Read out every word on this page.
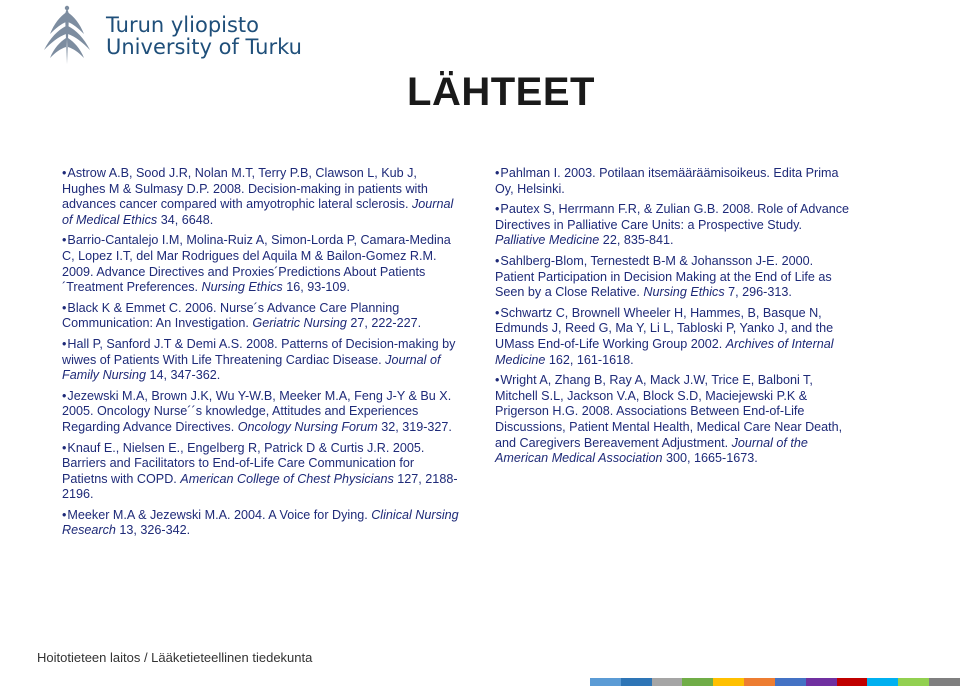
Turun yliopisto
University of Turku
LÄHTEET

•Astrow A.B, Sood J.R, Nolan M.T, Terry P.B, Clawson L, Kub J, Hughes M & Sulmasy D.P. 2008. Decision-making in patients with advances cancer compared with amyotrophic lateral sclerosis. Journal of Medical Ethics 34, 6648.

•Barrio-Cantalejo I.M, Molina-Ruiz A, Simon-Lorda P, Camara-Medina C, Lopez I.T, del Mar Rodrigues del Aquila M & Bailon-Gomez R.M. 2009. Advance Directives and Proxies´Predictions About Patients´Treatment Preferences. Nursing Ethics 16, 93-109.

•Black K & Emmet C. 2006. Nurse´s Advance Care Planning Communication: An Investigation. Geriatric Nursing 27, 222-227.

•Hall P, Sanford J.T & Demi A.S. 2008. Patterns of Decision-making by wiwes of Patients With Life Threatening Cardiac Disease. Journal of Family Nursing 14, 347-362.

•Jezewski M.A, Brown J.K, Wu Y-W.B, Meeker M.A, Feng J-Y & Bu X. 2005. Oncology Nurse´´s knowledge, Attitudes and Experiences Regarding Advance Directives. Oncology Nursing Forum 32, 319-327.

•Knauf E., Nielsen E., Engelberg R, Patrick D & Curtis J.R. 2005. Barriers and Facilitators to End-of-Life Care Communication for Patietns with COPD. American College of Chest Physicians 127, 2188-2196.

•Meeker M.A & Jezewski M.A. 2004. A Voice for Dying. Clinical Nursing Research 13, 326-342.

•Pahlman I. 2003. Potilaan itsemääräämisoikeus. Edita Prima Oy, Helsinki.

•Pautex S, Herrmann F.R, & Zulian G.B. 2008. Role of Advance Directives in Palliative Care Units: a Prospective Study. Palliative Medicine 22, 835-841.

•Sahlberg-Blom, Ternestedt B-M & Johansson J-E. 2000. Patient Participation in Decision Making at the End of Life as Seen by a Close Relative. Nursing Ethics 7, 296-313.

•Schwartz C, Brownell Wheeler H, Hammes, B, Basque N, Edmunds J, Reed G, Ma Y, Li L, Tabloski P, Yanko J, and the UMass End-of-Life Working Group 2002. Archives of Internal Medicine 162, 161-1618.

•Wright A, Zhang B, Ray A, Mack J.W, Trice E, Balboni T, Mitchell S.L, Jackson V.A, Block S.D, Maciejewski P.K & Prigerson H.G. 2008. Associations Between End-of-Life Discussions, Patient Mental Health, Medical Care Near Death, and Caregivers Bereavement Adjustment. Journal of the American Medical Association 300, 1665-1673.

Hoitotieteen laitos / Lääketieteellinen tiedekunta
